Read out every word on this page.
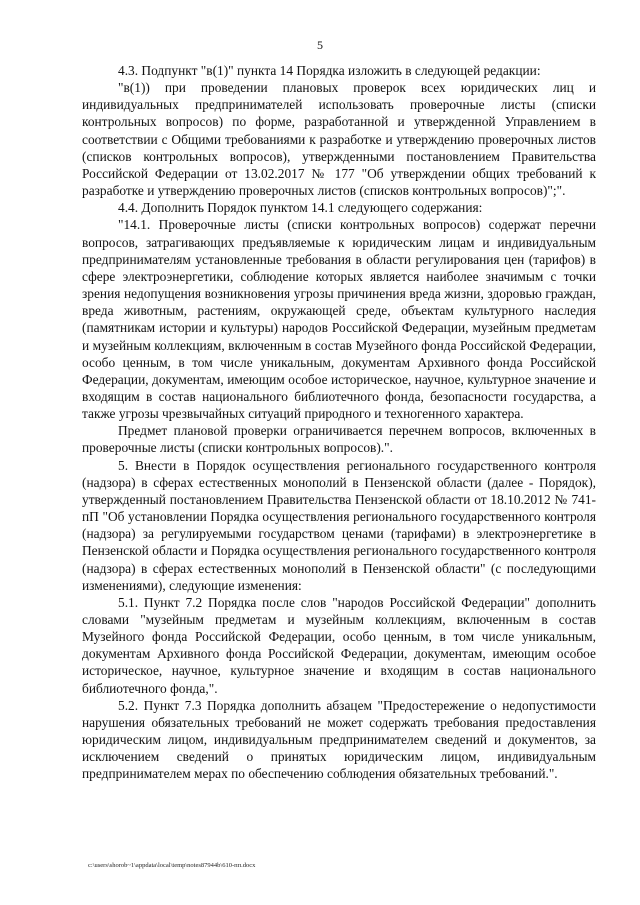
5

4.3. Подпункт "в(1)" пункта 14 Порядка изложить в следующей редакции:

"в(1)) при проведении плановых проверок всех юридических лиц и индивидуальных предпринимателей использовать проверочные листы (списки контрольных вопросов) по форме, разработанной и утвержденной Управлением в соответствии с Общими требованиями к разработке и утверждению проверочных листов (списков контрольных вопросов), утвержденными постановлением Правительства Российской Федерации от 13.02.2017 № 177 "Об утверждении общих требований к разработке и утверждению проверочных листов (списков контрольных вопросов)";".

4.4. Дополнить Порядок пунктом 14.1 следующего содержания:

"14.1. Проверочные листы (списки контрольных вопросов) содержат перечни вопросов, затрагивающих предъявляемые к юридическим лицам и индивидуальным предпринимателям установленные требования в области регулирования цен (тарифов) в сфере электроэнергетики, соблюдение которых является наиболее значимым с точки зрения недопущения возникновения угрозы причинения вреда жизни, здоровью граждан, вреда животным, растениям, окружающей среде, объектам культурного наследия (памятникам истории и культуры) народов Российской Федерации, музейным предметам и музейным коллекциям, включенным в состав Музейного фонда Российской Федерации, особо ценным, в том числе уникальным, документам Архивного фонда Российской Федерации, документам, имеющим особое историческое, научное, культурное значение и входящим в состав национального библиотечного фонда, безопасности государства, а также угрозы чрезвычайных ситуаций природного и техногенного характера.

Предмет плановой проверки ограничивается перечнем вопросов, включенных в проверочные листы (списки контрольных вопросов).".

5. Внести в Порядок осуществления регионального государственного контроля (надзора) в сферах естественных монополий в Пензенской области (далее - Порядок), утвержденный постановлением Правительства Пензенской области от 18.10.2012 № 741-пП "Об установлении Порядка осуществления регионального государственного контроля (надзора) за регулируемыми государством ценами (тарифами) в электроэнергетике в Пензенской области и Порядка осуществления регионального государственного контроля (надзора) в сферах естественных монополий в Пензенской области" (с последующими изменениями), следующие изменения:

5.1. Пункт 7.2 Порядка после слов "народов Российской Федерации" дополнить словами "музейным предметам и музейным коллекциям, включенным в состав Музейного фонда Российской Федерации, особо ценным, в том числе уникальным, документам Архивного фонда Российской Федерации, документам, имеющим особое историческое, научное, культурное значение и входящим в состав национального библиотечного фонда,".

5.2. Пункт 7.3 Порядка дополнить абзацем "Предостережение о недопустимости нарушения обязательных требований не может содержать требования предоставления юридическим лицом, индивидуальным предпринимателем сведений и документов, за исключением сведений о принятых юридическим лицом, индивидуальным предпринимателем мерах по обеспечению соблюдения обязательных требований.".

c:\users\shorob~1\appdata\local\temp\notes87944b\610-пп.docx
